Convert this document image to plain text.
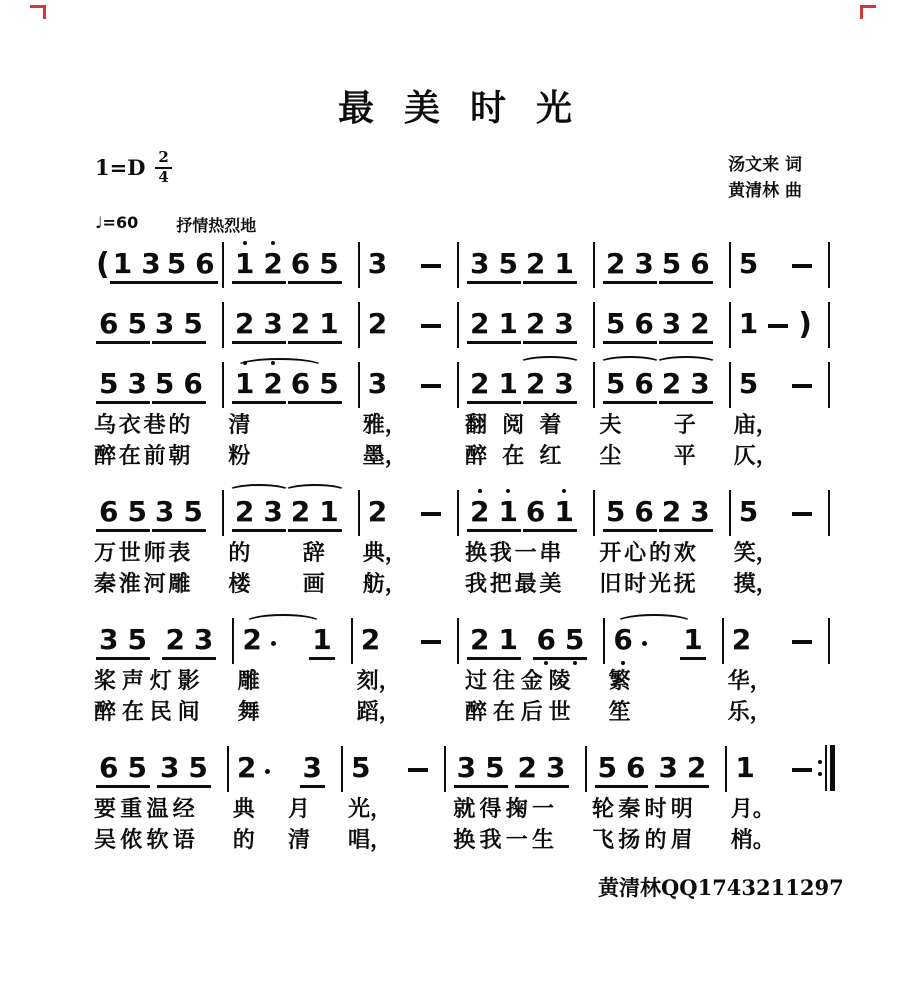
最美时光
$1=D \frac{2}{4}$	汤文来 词
黄清林 曲
♩=60 抒情热烈地
( 1 3 5 6 1 2 6 5 3	3 5 2 1 2 3 5 6 5
6 5 3 5 2 3 2 1 2	2 1 2 3 5 6 3 2 1 )
5 3 5 6 1 2 6 5 3	2 1 2 3 5 6 2 3 5
乌 衣 巷 的 清	雅，	翻 阅 着 夫 子 庙，
醉 在 前 朝 粉	墨，	醉 在 红 尘 平 仄，
6 5 3 5 2 3 2 1 2	2 1 6 1 5 6 2 3 5
万 世 师 表 的 辞 典，	换 我 一 串 开 心 的 欢 笑，
秦 淮 河 雕 楼 画 舫，	我 把 最 美 旧 时 光 抚 摸，
3 5 2 3 2 1 2	2 1 6 5 6 1 2
桨 声 灯 影 雕	刻，	过 往 金 陵 繁	华，
醉 在 民 间 舞	蹈，	醉 在 后 世 笙	乐，
6 5 3 5 2 3 5	3 5 2 3 5 6 3 2 1
要 重 温 经 典 月 光，	就 得 掬 一 轮 秦 时 明 月。
吴 侬 软 语 的 清 唱，	换 我 一 生 飞 扬 的 眉 梢。
黄清林QQ1743211297
